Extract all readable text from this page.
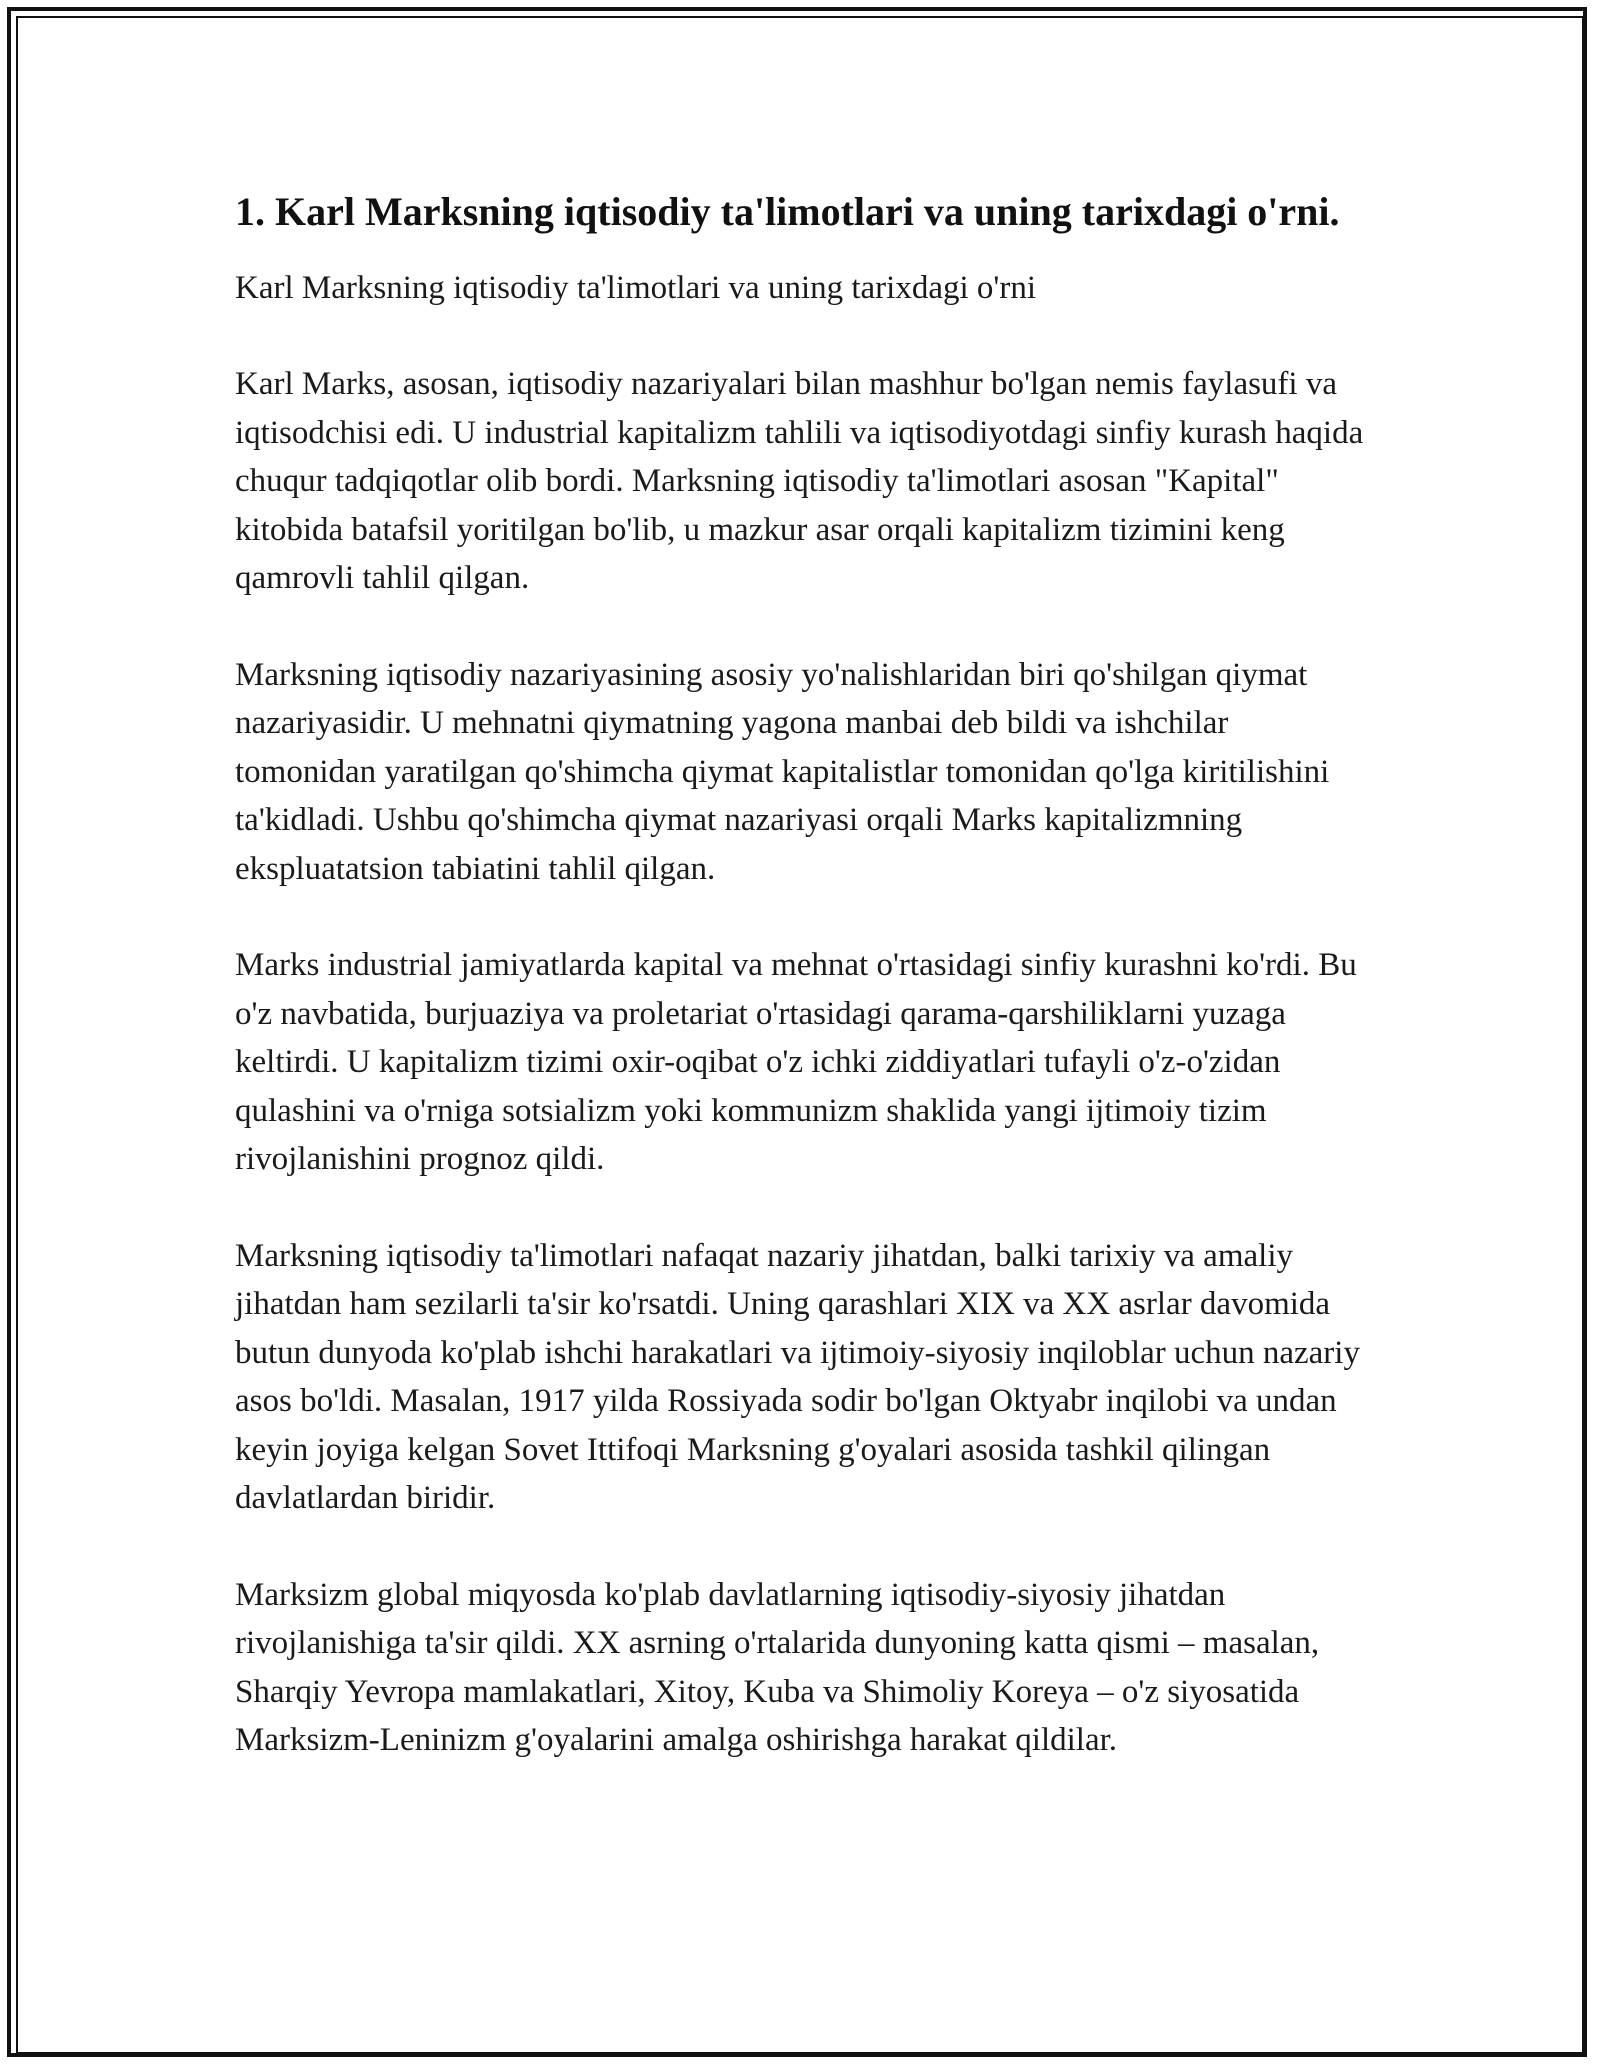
1. Karl Marksning iqtisodiy ta'limotlari va uning tarixdagi o'rni.

Karl Marksning iqtisodiy ta'limotlari va uning tarixdagi o'rni

Karl Marks, asosan, iqtisodiy nazariyalari bilan mashhur bo'lgan nemis faylasufi va iqtisodchisi edi. U industrial kapitalizm tahlili va iqtisodiyotdagi sinfiy kurash haqida chuqur tadqiqotlar olib bordi. Marksning iqtisodiy ta'limotlari asosan "Kapital" kitobida batafsil yoritilgan bo'lib, u mazkur asar orqali kapitalizm tizimini keng qamrovli tahlil qilgan.

Marksning iqtisodiy nazariyasining asosiy yo'nalishlaridan biri qo'shilgan qiymat nazariyasidir. U mehnatni qiymatning yagona manbai deb bildi va ishchilar tomonidan yaratilgan qo'shimcha qiymat kapitalistlar tomonidan qo'lga kiritilishini ta'kidladi. Ushbu qo'shimcha qiymat nazariyasi orqali Marks kapitalizmning ekspluatatsion tabiatini tahlil qilgan.

Marks industrial jamiyatlarda kapital va mehnat o'rtasidagi sinfiy kurashni ko'rdi. Bu o'z navbatida, burjuaziya va proletariat o'rtasidagi qarama-qarshiliklarni yuzaga keltirdi. U kapitalizm tizimi oxir-oqibat o'z ichki ziddiyatlari tufayli o'z-o'zidan qulashini va o'rniga sotsializm yoki kommunizm shaklida yangi ijtimoiy tizim rivojlanishini prognoz qildi.

Marksning iqtisodiy ta'limotlari nafaqat nazariy jihatdan, balki tarixiy va amaliy jihatdan ham sezilarli ta'sir ko'rsatdi. Uning qarashlari XIX va XX asrlar davomida butun dunyoda ko'plab ishchi harakatlari va ijtimoiy-siyosiy inqiloblar uchun nazariy asos bo'ldi. Masalan, 1917 yilda Rossiyada sodir bo'lgan Oktyabr inqilobi va undan keyin joyiga kelgan Sovet Ittifoqi Marksning g'oyalari asosida tashkil qilingan davlatlardan biridir.

Marksizm global miqyosda ko'plab davlatlarning iqtisodiy-siyosiy jihatdan rivojlanishiga ta'sir qildi. XX asrning o'rtalarida dunyoning katta qismi – masalan, Sharqiy Yevropa mamlakatlari, Xitoy, Kuba va Shimoliy Koreya – o'z siyosatida Marksizm-Leninizm g'oyalarini amalga oshirishga harakat qildilar.
